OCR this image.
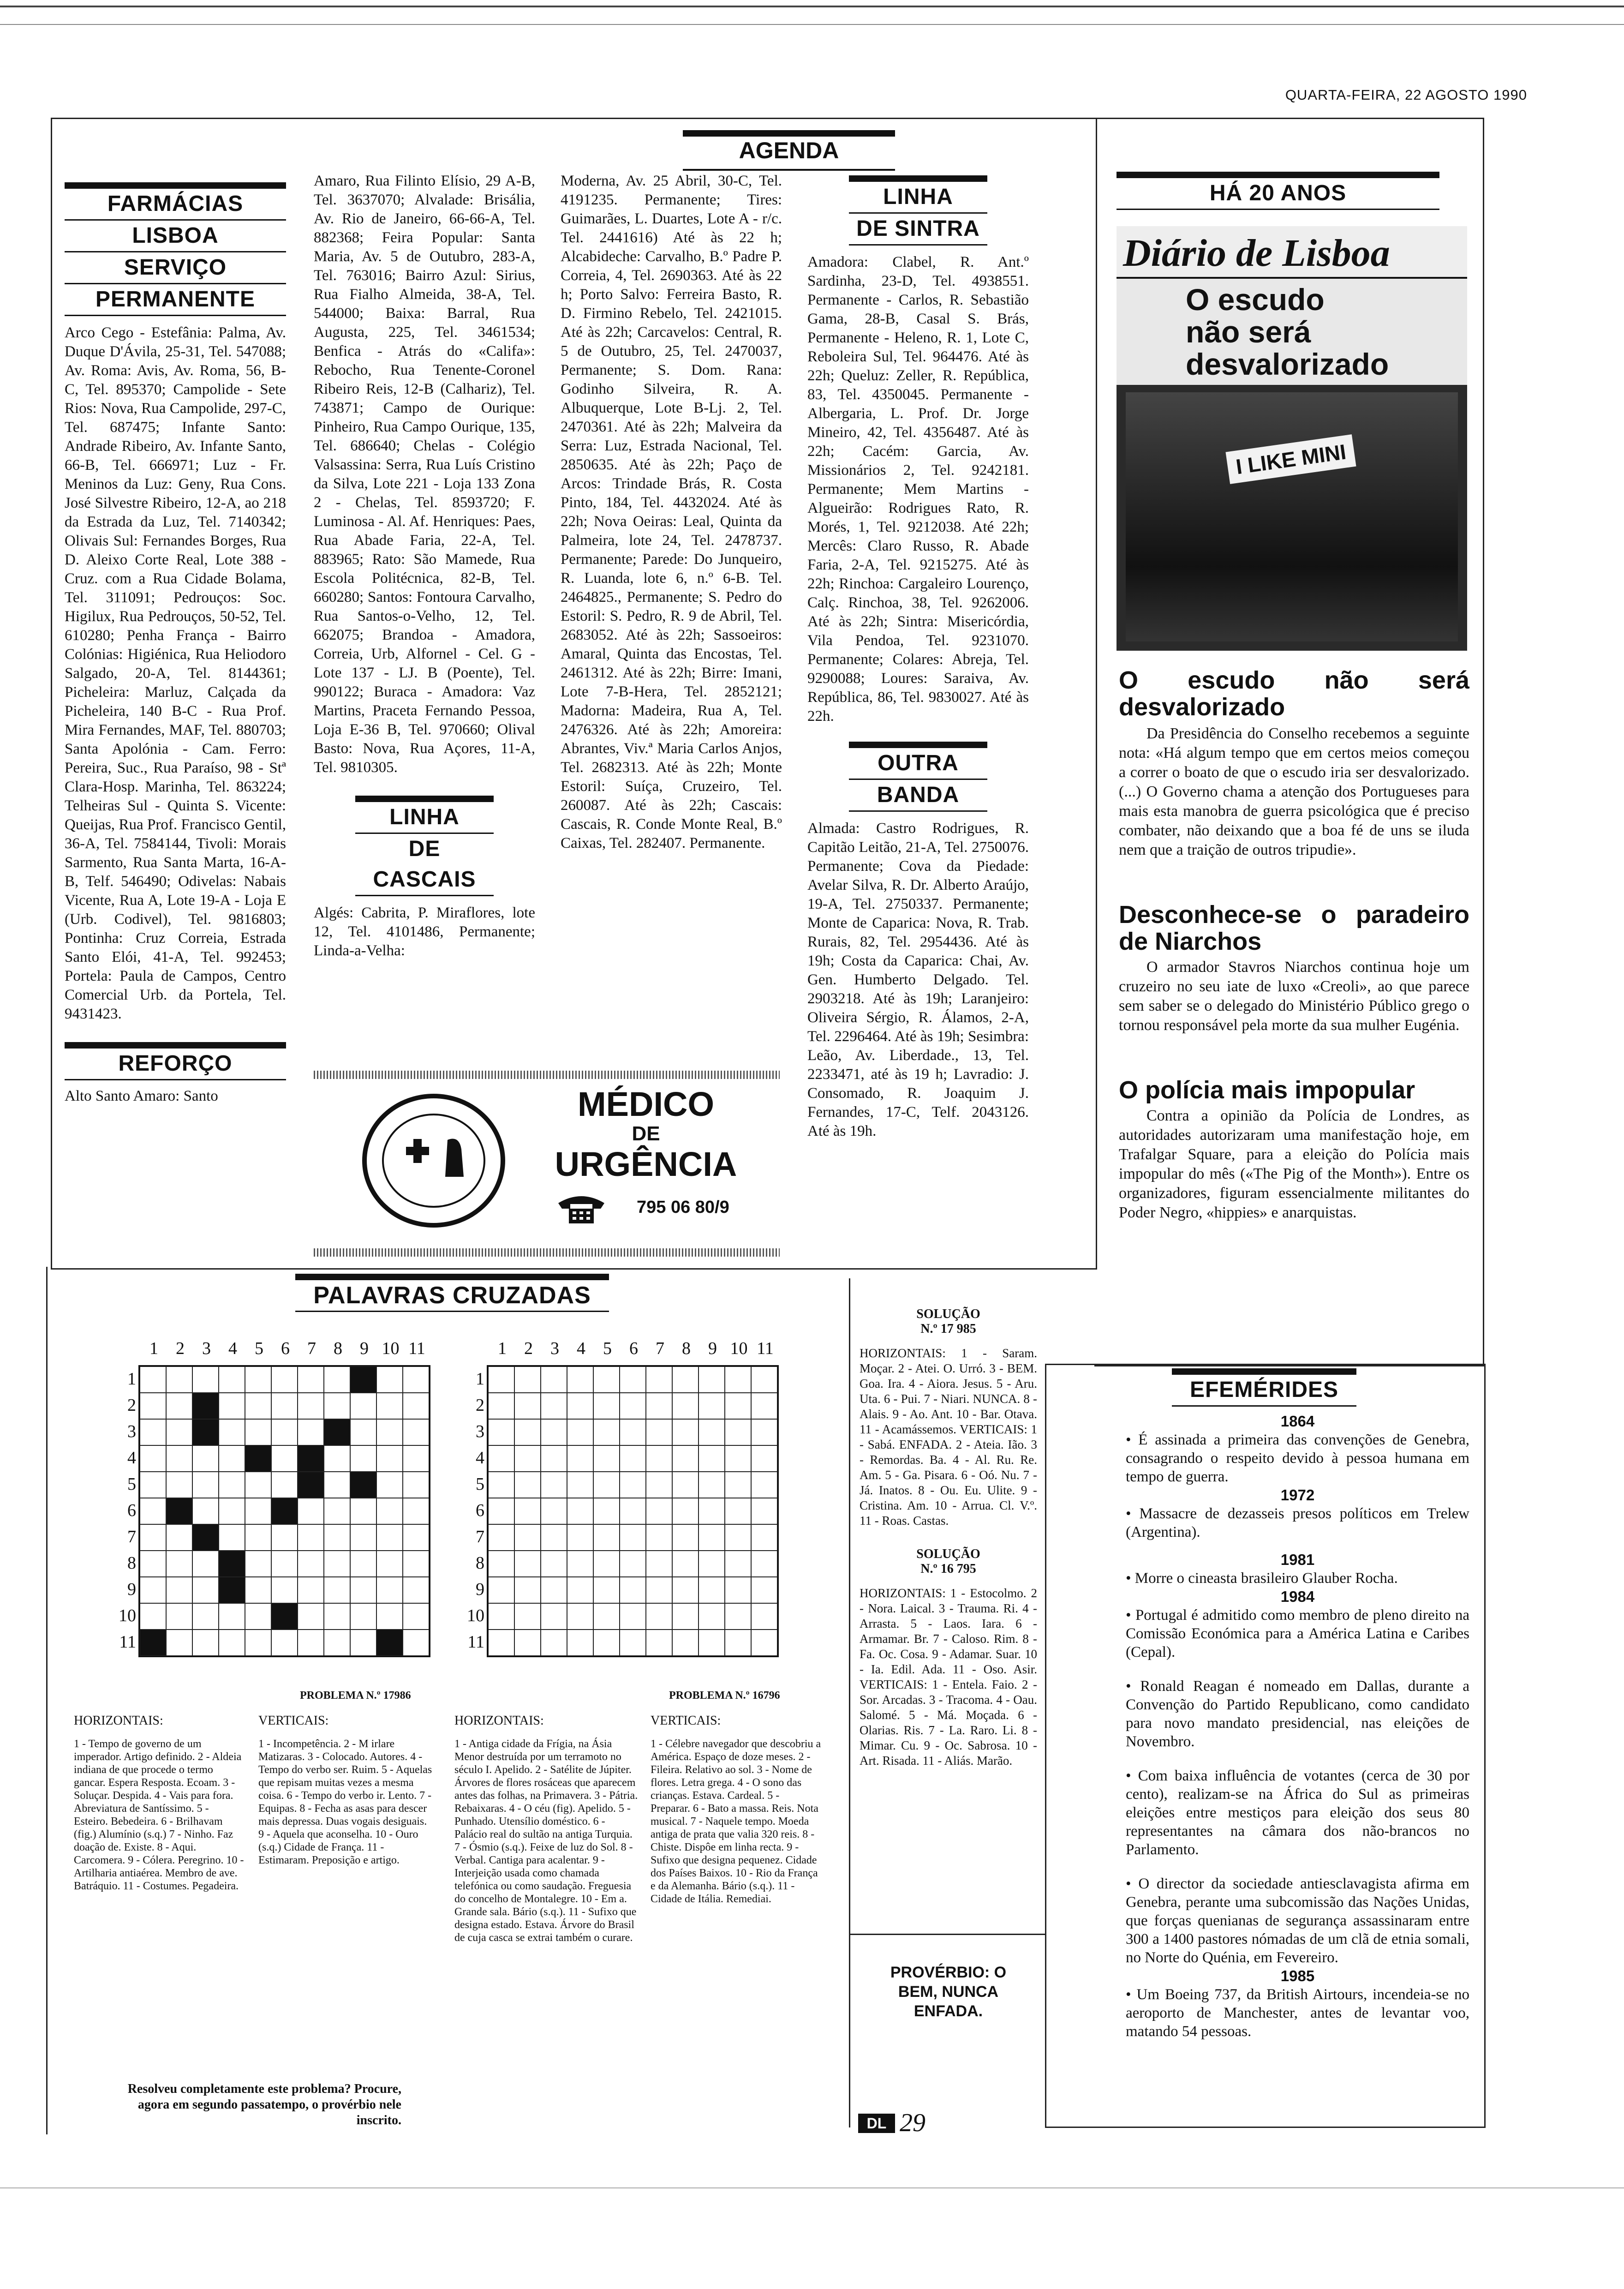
QUARTA-FEIRA, 22 AGOSTO 1990
AGENDA
FARMÁCIAS
LISBOA
SERVIÇO
PERMANENTE

Arco Cego - Estefânia: Palma, Av. Duque D'Ávila, 25-31, Tel. 547088; Av. Roma: Avis, Av. Roma, 56, B-C, Tel. 895370; Campolide - Sete Rios: Nova, Rua Campolide, 297-C, Tel. 687475; Infante Santo: Andrade Ribeiro, Av. Infante Santo, 66-B, Tel. 666971; Luz - Fr. Meninos da Luz: Geny, Rua Cons. José Silvestre Ribeiro, 12-A, ao 218 da Estrada da Luz, Tel. 7140342; Olivais Sul: Fernandes Borges, Rua D. Aleixo Corte Real, Lote 388 - Cruz. com a Rua Cidade Bolama, Tel. 311091; Pedrouços: Soc. Higilux, Rua Pedrouços, 50-52, Tel. 610280; Penha França - Bairro Colónias: Higiénica, Rua Heliodoro Salgado, 20-A, Tel. 8144361; Picheleira: Marluz, Calçada da Picheleira, 140 B-C - Rua Prof. Mira Fernandes, MAF, Tel. 880703; Santa Apolónia - Cam. Ferro: Pereira, Suc., Rua Paraíso, 98 - Stª Clara-Hosp. Marinha, Tel. 863224; Telheiras Sul - Quinta S. Vicente: Queijas, Rua Prof. Francisco Gentil, 36-A, Tel. 7584144, Tivoli: Morais Sarmento, Rua Santa Marta, 16-A-B, Telf. 546490; Odivelas: Nabais Vicente, Rua A, Lote 19-A - Loja E (Urb. Codivel), Tel. 9816803; Pontinha: Cruz Correia, Estrada Santo Elói, 41-A, Tel. 992453; Portela: Paula de Campos, Centro Comercial Urb. da Portela, Tel. 9431423.

REFORÇO

Alto Santo Amaro: Santo

Amaro, Rua Filinto Elísio, 29 A-B, Tel. 3637070; Alvalade: Brisália, Av. Rio de Janeiro, 66-66-A, Tel. 882368; Feira Popular: Santa Maria, Av. 5 de Outubro, 283-A, Tel. 763016; Bairro Azul: Sirius, Rua Fialho Almeida, 38-A, Tel. 544000; Baixa: Barral, Rua Augusta, 225, Tel. 3461534; Benfica - Atrás do «Califa»: Rebocho, Rua Tenente-Coronel Ribeiro Reis, 12-B (Calhariz), Tel. 743871; Campo de Ourique: Pinheiro, Rua Campo Ourique, 135, Tel. 686640; Chelas - Colégio Valsassina: Serra, Rua Luís Cristino da Silva, Lote 221 - Loja 133 Zona 2 - Chelas, Tel. 8593720; F. Luminosa - Al. Af. Henriques: Paes, Rua Abade Faria, 22-A, Tel. 883965; Rato: São Mamede, Rua Escola Politécnica, 82-B, Tel. 660280; Santos: Fontoura Carvalho, Rua Santos-o-Velho, 12, Tel. 662075; Brandoa - Amadora, Correia, Urb, Alfornel - Cel. G - Lote 137 - LJ. B (Poente), Tel. 990122; Buraca - Amadora: Vaz Martins, Praceta Fernando Pessoa, Loja E-36 B, Tel. 970660; Olival Basto: Nova, Rua Açores, 11-A, Tel. 9810305.

LINHA
DE CASCAIS

Algés: Cabrita, P. Miraflores, lote 12, Tel. 4101486, Permanente; Linda-a-Velha:

Moderna, Av. 25 Abril, 30-C, Tel. 4191235. Permanente; Tires: Guimarães, L. Duartes, Lote A - r/c. Tel. 2441616) Até às 22 h; Alcabideche: Carvalho, B.º Padre P. Correia, 4, Tel. 2690363. Até às 22 h; Porto Salvo: Ferreira Basto, R. D. Firmino Rebelo, Tel. 2421015. Até às 22h; Carcavelos: Central, R. 5 de Outubro, 25, Tel. 2470037, Permanente; S. Dom. Rana: Godinho Silveira, R. A. Albuquerque, Lote B-Lj. 2, Tel. 2470361. Até às 22h; Malveira da Serra: Luz, Estrada Nacional, Tel. 2850635. Até às 22h; Paço de Arcos: Trindade Brás, R. Costa Pinto, 184, Tel. 4432024. Até às 22h; Nova Oeiras: Leal, Quinta da Palmeira, lote 24, Tel. 2478737. Permanente; Parede: Do Junqueiro, R. Luanda, lote 6, n.º 6-B. Tel. 2464825., Permanente; S. Pedro do Estoril: S. Pedro, R. 9 de Abril, Tel. 2683052. Até às 22h; Sassoeiros: Amaral, Quinta das Encostas, Tel. 2461312. Até às 22h; Birre: Imani, Lote 7-B-Hera, Tel. 2852121; Madorna: Madeira, Rua A, Tel. 2476326. Até às 22h; Amoreira: Abrantes, Viv.ª Maria Carlos Anjos, Tel. 2682313. Até às 22h; Monte Estoril: Suíça, Cruzeiro, Tel. 260087. Até às 22h; Cascais: Cascais, R. Conde Monte Real, B.º Caixas, Tel. 282407. Permanente.

LINHA
DE SINTRA

Amadora: Clabel, R. Ant.º Sardinha, 23-D, Tel. 4938551. Permanente - Carlos, R. Sebastião Gama, 28-B, Casal S. Brás, Permanente - Heleno, R. 1, Lote C, Reboleira Sul, Tel. 964476. Até às 22h; Queluz: Zeller, R. República, 83, Tel. 4350045. Permanente - Albergaria, L. Prof. Dr. Jorge Mineiro, 42, Tel. 4356487. Até às 22h; Cacém: Garcia, Av. Missionários 2, Tel. 9242181. Permanente; Mem Martins - Algueirão: Rodrigues Rato, R. Morés, 1, Tel. 9212038. Até 22h; Mercês: Claro Russo, R. Abade Faria, 2-A, Tel. 9215275. Até às 22h; Rinchoa: Cargaleiro Lourenço, Calç. Rinchoa, 38, Tel. 9262006. Até às 22h; Sintra: Misericórdia, Vila Pendoa, Tel. 9231070. Permanente; Colares: Abreja, Tel. 9290088; Loures: Saraiva, Av. República, 86, Tel. 9830027. Até às 22h.

OUTRA
BANDA

Almada: Castro Rodrigues, R. Capitão Leitão, 21-A, Tel. 2750076. Permanente; Cova da Piedade: Avelar Silva, R. Dr. Alberto Araújo, 19-A, Tel. 2750337. Permanente; Monte de Caparica: Nova, R. Trab. Rurais, 82, Tel. 2954436. Até às 19h; Costa da Caparica: Chai, Av. Gen. Humberto Delgado. Tel. 2903218. Até às 19h; Laranjeiro: Oliveira Sérgio, R. Álamos, 2-A, Tel. 2296464. Até às 19h; Sesimbra: Leão, Av. Liberdade., 13, Tel. 2233471, até às 19 h; Lavradio: J. Consomado, R. Joaquim J. Fernandes, 17-C, Telf. 2043126. Até às 19h.

MÉDICO
DE
URGÊNCIA
795 06 80/9
HÁ 20 ANOS
Diário de Lisboa
O escudo não será desvalorizado
I LIKE MINI

O escudo não será desvalorizado

Da Presidência do Conselho recebemos a seguinte nota: «Há algum tempo que em certos meios começou a correr o boato de que o escudo iria ser desvalorizado. (...) O Governo chama a atenção dos Portugueses para mais esta manobra de guerra psicológica que é preciso combater, não deixando que a boa fé de uns se iluda nem que a traição de outros tripudie».

Desconhece-se o paradeiro de Niarchos

O armador Stavros Niarchos continua hoje um cruzeiro no seu iate de luxo «Creoli», ao que parece sem saber se o delegado do Ministério Público grego o tornou responsável pela morte da sua mulher Eugénia.

O polícia mais impopular

Contra a opinião da Polícia de Londres, as autoridades autorizaram uma manifestação hoje, em Trafalgar Square, para a eleição do Polícia mais impopular do mês («The Pig of the Month»). Entre os organizadores, figuram essencialmente militantes do Poder Negro, «hippies» e anarquistas.

EFEMÉRIDES
1864

• É assinada a primeira das convenções de Genebra, consagrando o respeito devido à pessoa humana em tempo de guerra.

1972

• Massacre de dezasseis presos políticos em Trelew (Argentina).

1981

• Morre o cineasta brasileiro Glauber Rocha.

1984

• Portugal é admitido como membro de pleno direito na Comissão Económica para a América Latina e Caribes (Cepal).

• Ronald Reagan é nomeado em Dallas, durante a Convenção do Partido Republicano, como candidato para novo mandato presidencial, nas eleições de Novembro.

• Com baixa influência de votantes (cerca de 30 por cento), realizam-se na África do Sul as primeiras eleições entre mestiços para eleição dos seus 80 representantes na câmara dos não-brancos no Parlamento.

• O director da sociedade antiesclavagista afirma em Genebra, perante uma subcomissão das Nações Unidas, que forças quenianas de segurança assassinaram entre 300 a 1400 pastores nómadas de um clã de etnia somali, no Norte do Quénia, em Fevereiro.

1985

• Um Boeing 737, da British Airtours, incendeia-se no aeroporto de Manchester, antes de levantar voo, matando 54 pessoas.

PALAVRAS CRUZADAS
1	2	3	4	5	6	7	8	9 10 11
1
2
3
4
5
6
7
8
9
10
11
1	2	3	4	5	6	7	8	9 10 11
1
2
3
4
5
6
7
8
9
10
11
PROBLEMA N.º 17986	PROBLEMA N.º 16796
HORIZONTAIS:

1 - Tempo de governo de um imperador. Artigo definido. 2 - Aldeia indiana de que procede o termo gancar. Espera Resposta. Ecoam. 3 - Soluçar. Despida. 4 - Vais para fora. Abreviatura de Santíssimo. 5 - Esteiro. Bebedeira. 6 - Brilhavam (fig.) Alumínio (s.q.) 7 - Ninho. Faz doação de. Existe. 8 - Aqui. Carcomera. 9 - Cólera. Peregrino. 10 - Artilharia antiaérea. Membro de ave. Batráquio. 11 - Costumes. Pegadeira.

VERTICAIS:

1 - Incompetência. 2 - M irlare Matizaras. 3 - Colocado. Autores. 4 - Tempo do verbo ser. Ruim. 5 - Aquelas que repisam muitas vezes a mesma coisa. 6 - Tempo do verbo ir. Lento. 7 - Equipas. 8 - Fecha as asas para descer mais depressa. Duas vogais desiguais. 9 - Aquela que aconselha. 10 - Ouro (s.q.) Cidade de França. 11 - Estimaram. Preposição e artigo.

HORIZONTAIS:

1 - Antiga cidade da Frígia, na Ásia Menor destruída por um terramoto no século I. Apelido. 2 - Satélite de Júpiter. Árvores de flores rosáceas que aparecem antes das folhas, na Primavera. 3 - Pátria. Rebaixaras. 4 - O céu (fig). Apelido. 5 - Punhado. Utensílio doméstico. 6 - Palácio real do sultão na antiga Turquia. 7 - Ósmio (s.q.). Feixe de luz do Sol. 8 - Verbal. Cantiga para acalentar. 9 - Interjeição usada como chamada telefónica ou como saudação. Freguesia do concelho de Montalegre. 10 - Em a. Grande sala. Bário (s.q.). 11 - Sufixo que designa estado. Estava. Árvore do Brasil de cuja casca se extrai também o curare.

VERTICAIS:

1 - Célebre navegador que descobriu a América. Espaço de doze meses. 2 - Fileira. Relativo ao sol. 3 - Nome de flores. Letra grega. 4 - O sono das crianças. Estava. Cardeal. 5 - Preparar. 6 - Bato a massa. Reis. Nota musical. 7 - Naquele tempo. Moeda antiga de prata que valia 320 reis. 8 - Chiste. Dispôe em linha recta. 9 - Sufixo que designa pequenez. Cidade dos Países Baixos. 10 - Rio da França e da Alemanha. Bário (s.q.). 11 - Cidade de Itália. Remediai.

Resolveu completamente este problema? Procure, agora em segundo passatempo, o provérbio nele inscrito.
SOLUÇÃO N.º 17 985

HORIZONTAIS: 1 - Saram. Moçar. 2 - Atei. O. Urró. 3 - BEM. Goa. Ira. 4 - Aiora. Jesus. 5 - Aru. Uta. 6 - Pui. 7 - Niari. NUNCA. 8 - Alais. 9 - Ao. Ant. 10 - Bar. Otava. 11 - Acamássemos. VERTICAIS: 1 - Sabá. ENFADA. 2 - Ateia. Ião. 3 - Remordas. Ba. 4 - Al. Ru. Re. Am. 5 - Ga. Pisara. 6 - Oó. Nu. 7 - Já. Inatos. 8 - Ou. Eu. Ulite. 9 - Cristina. Am. 10 - Arrua. Cl. V.º. 11 - Roas. Castas.

SOLUÇÃO N.º 16 795

HORIZONTAIS: 1 - Estocolmo. 2 - Nora. Laical. 3 - Trauma. Ri. 4 - Arrasta. 5 - Laos. Iara. 6 - Armamar. Br. 7 - Caloso. Rim. 8 - Fa. Oc. Cosa. 9 - Adamar. Suar. 10 - Ia. Edil. Ada. 11 - Oso. Asir. VERTICAIS: 1 - Entela. Faio. 2 - Sor. Arcadas. 3 - Tracoma. 4 - Oau. Salomé. 5 - Má. Moçada. 6 - Olarias. Ris. 7 - La. Raro. Li. 8 - Mimar. Cu. 9 - Oc. Sabrosa. 10 - Art. Risada. 11 - Aliás. Marão.

PROVÉRBIO: O BEM, NUNCA ENFADA.
DL 29
